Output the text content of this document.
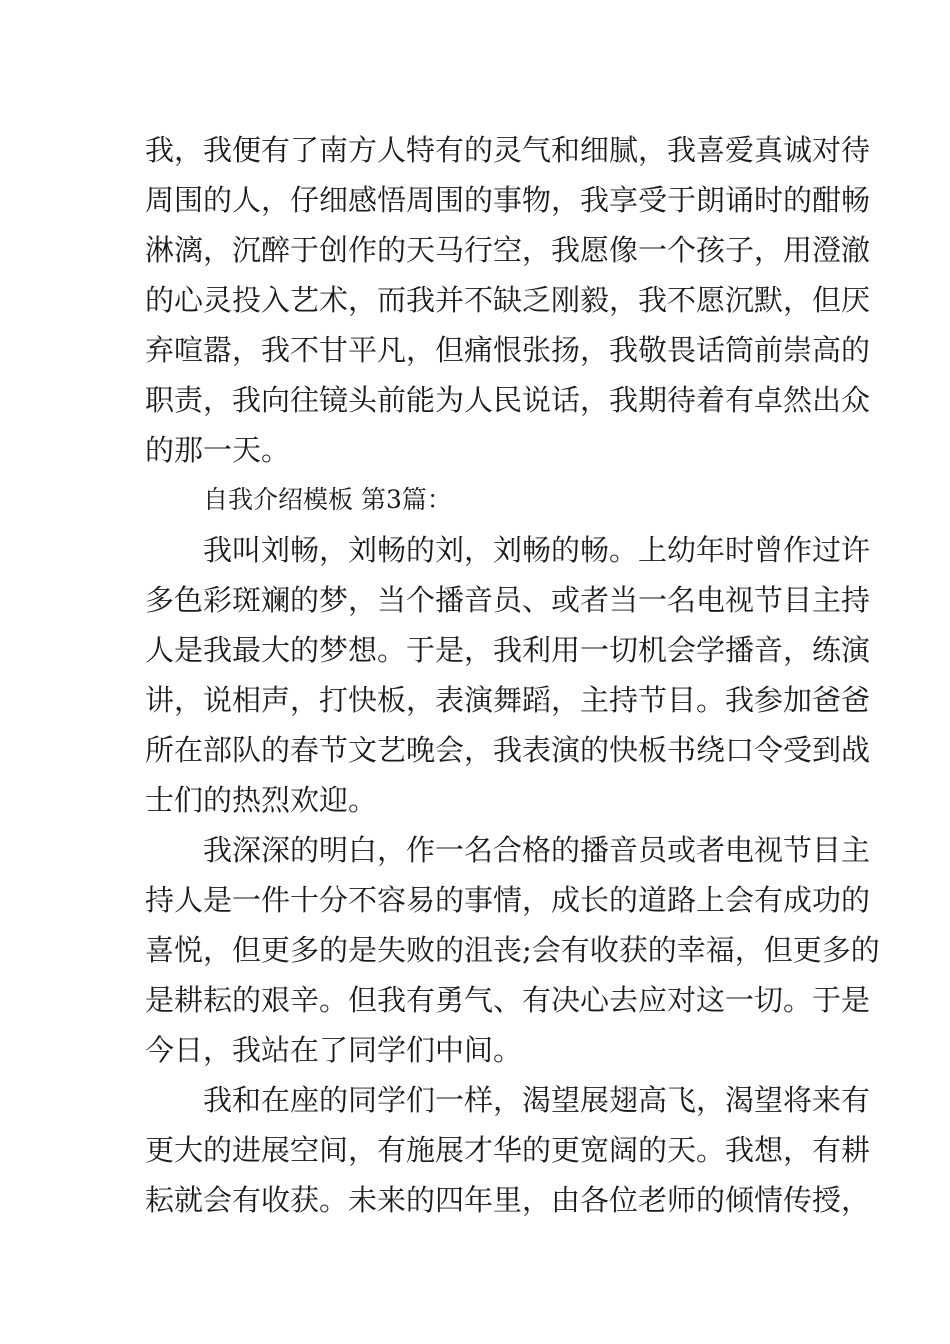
我，我便有了南方人特有的灵气和细腻，我喜爱真诚对待
周围的人，仔细感悟周围的事物，我享受于朗诵时的酣畅
淋漓，沉醉于创作的天马行空，我愿像一个孩子，用澄澈
的心灵投入艺术，而我并不缺乏刚毅，我不愿沉默，但厌
弃喧嚣，我不甘平凡，但痛恨张扬，我敬畏话筒前崇高的
职责，我向往镜头前能为人民说话，我期待着有卓然出众
的那一天。
自我介绍模板 第3篇：
我叫刘畅，刘畅的刘，刘畅的畅。上幼年时曾作过许
多色彩斑斓的梦，当个播音员、或者当一名电视节目主持
人是我最大的梦想。于是，我利用一切机会学播音，练演
讲，说相声，打快板，表演舞蹈，主持节目。我参加爸爸
所在部队的春节文艺晚会，我表演的快板书绕口令受到战
士们的热烈欢迎。
我深深的明白，作一名合格的播音员或者电视节目主
持人是一件十分不容易的事情，成长的道路上会有成功的
喜悦，但更多的是失败的沮丧;会有收获的幸福，但更多的
是耕耘的艰辛。但我有勇气、有决心去应对这一切。于是
今日，我站在了同学们中间。
我和在座的同学们一样，渴望展翅高飞，渴望将来有
更大的进展空间，有施展才华的更宽阔的天。我想，有耕
耘就会有收获。未来的四年里，由各位老师的倾情传授，
